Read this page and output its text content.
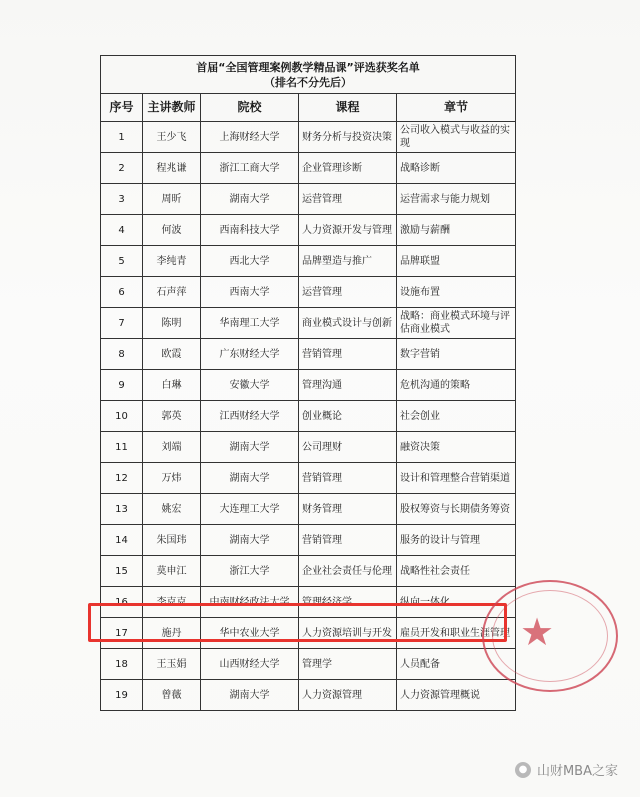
首届“全国管理案例教学精品课”评选获奖名单
（排名不分先后）				

序号	主讲教师	院校	课程	章节
1	王少飞	上海财经大学	财务分析与投资决策	公司收入模式与收益的实现
2	程兆谦	浙江工商大学	企业管理诊断	战略诊断
3	周昕	湖南大学	运营管理	运营需求与能力规划
4	何波	西南科技大学	人力资源开发与管理	激励与薪酬
5	李纯青	西北大学	品牌塑造与推广	品牌联盟
6	石声萍	西南大学	运营管理	设施布置
7	陈明	华南理工大学	商业模式设计与创新	战略：商业模式环境与评估商业模式
8	欧霞	广东财经大学	营销管理	数字营销
9	白琳	安徽大学	管理沟通	危机沟通的策略
10	郭英	江西财经大学	创业概论	社会创业
11	刘端	湖南大学	公司理财	融资决策
12	万炜	湖南大学	营销管理	设计和管理整合营销渠道
13	姚宏	大连理工大学	财务管理	股权筹资与长期债务筹资
14	朱国玮	湖南大学	营销管理	服务的设计与管理
15	莫申江	浙江大学	企业社会责任与伦理	战略性社会责任
16	李克克	中南财经政法大学	管理经济学	纵向一体化
17	施丹	华中农业大学	人力资源培训与开发	雇员开发和职业生涯管理
18	王玉娟	山西财经大学	管理学	人员配备
19	曾薇	湖南大学	人力资源管理	人力资源管理概说
★
● 山财MBA之家
